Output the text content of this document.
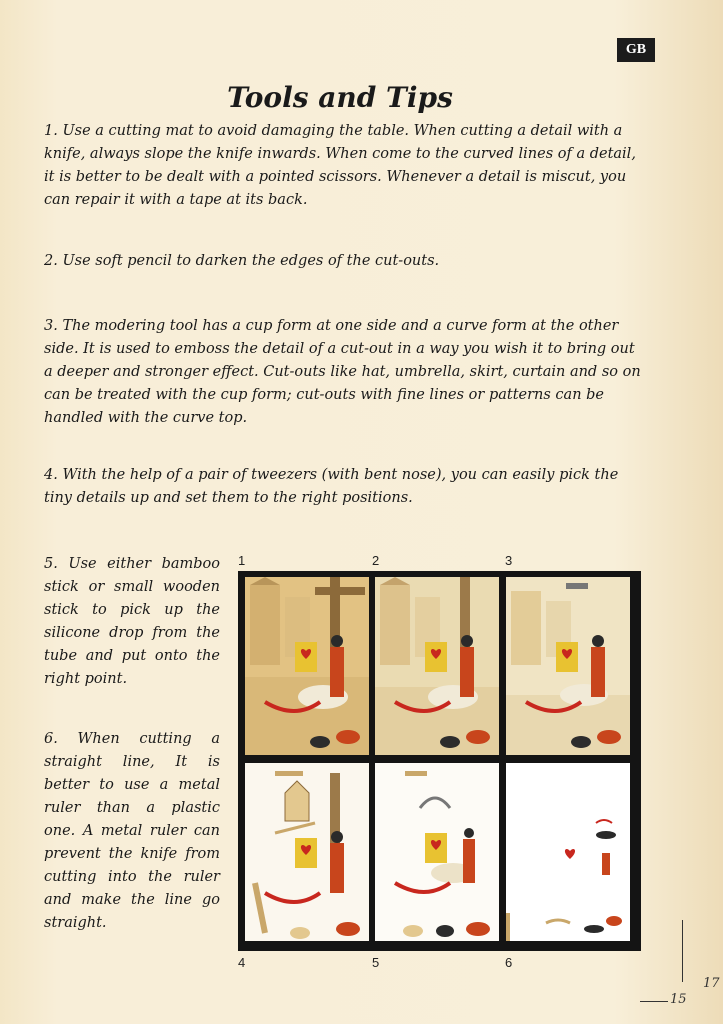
GB
Tools and Tips

1. Use a cutting mat to avoid damaging the table. When cutting a detail with a knife, always slope the knife inwards. When come to the curved lines of a detail, it is better to be dealt with a pointed scissors. Whenever a detail is miscut, you can repair it with a tape at its back.

2. Use soft pencil to darken the edges of the cut-outs.

3. The modering tool has a cup form at one side and a curve form at the other side. It is used to emboss the detail of a cut-out in a way you wish it to bring out a deeper and stronger effect. Cut-outs like hat, umbrella, skirt, curtain and so on can be treated with the cup form; cut-outs with fine lines or patterns can be handled with the curve top.

4. With the help of a pair of tweezers (with bent nose), you can easily pick the tiny details up and set them to the right positions.

5. Use either bamboo stick or small wooden stick to pick up the silicone drop from the tube and put onto the right point.

6. When cutting a straight line, It is better to use a metal ruler than a plastic one. A metal ruler can prevent the knife from cutting into the ruler and make the line go straight.

1	2	3
4	5	6
17
15
